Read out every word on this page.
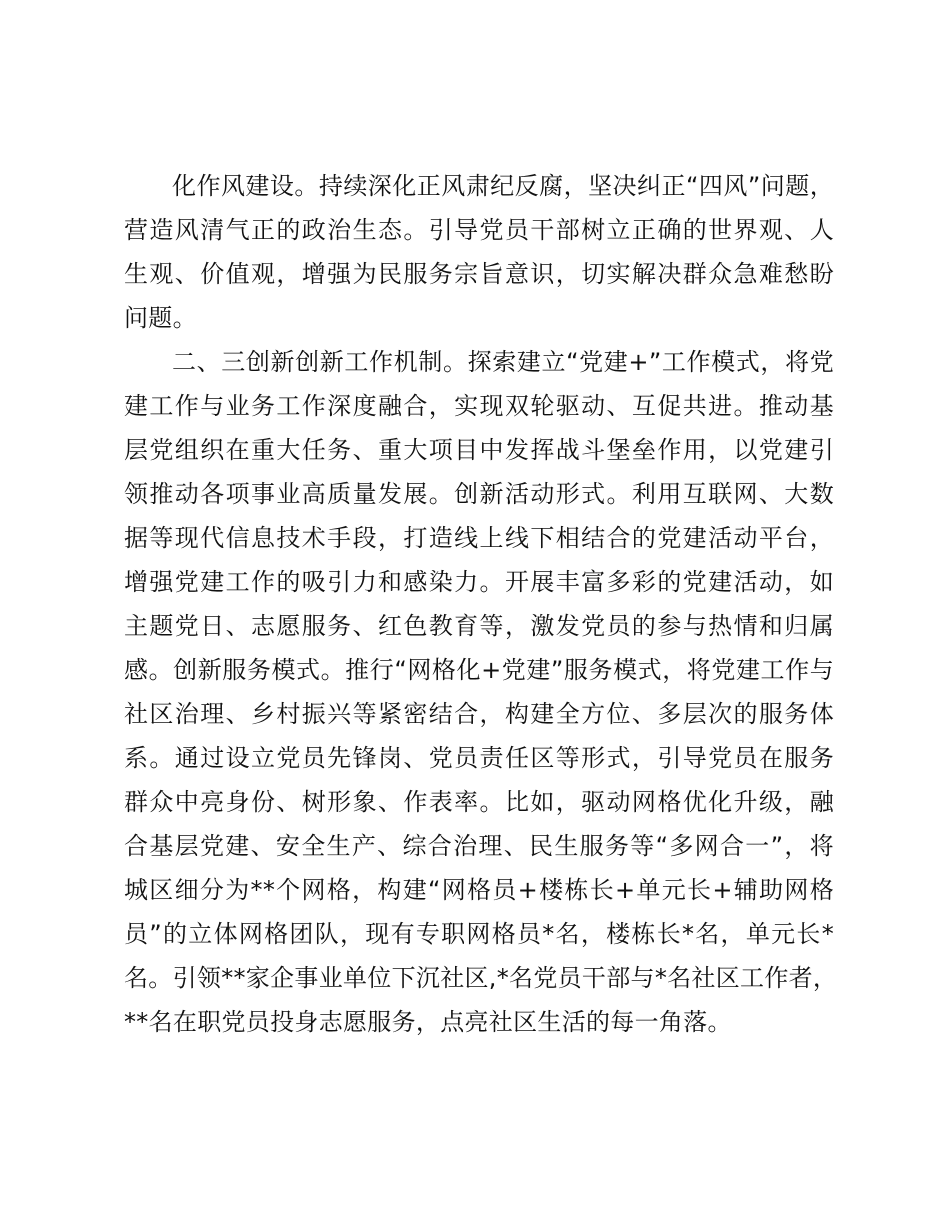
化作风建设。持续深化正风肃纪反腐，坚决纠正“四风”问题，
营造风清气正的政治生态。引导党员干部树立正确的世界观、人
生观、价值观，增强为民服务宗旨意识，切实解决群众急难愁盼
问题。
二、三创新创新工作机制。探索建立“党建+”工作模式，将党
建工作与业务工作深度融合，实现双轮驱动、互促共进。推动基
层党组织在重大任务、重大项目中发挥战斗堡垒作用，以党建引
领推动各项事业高质量发展。创新活动形式。利用互联网、大数
据等现代信息技术手段，打造线上线下相结合的党建活动平台，
增强党建工作的吸引力和感染力。开展丰富多彩的党建活动，如
主题党日、志愿服务、红色教育等，激发党员的参与热情和归属
感。创新服务模式。推行“网格化+党建”服务模式，将党建工作与
社区治理、乡村振兴等紧密结合，构建全方位、多层次的服务体
系。通过设立党员先锋岗、党员责任区等形式，引导党员在服务
群众中亮身份、树形象、作表率。比如，驱动网格优化升级，融
合基层党建、安全生产、综合治理、民生服务等“多网合一”，将
城区细分为**个网格，构建“网格员+楼栋长+单元长+辅助网格
员”的立体网格团队，现有专职网格员*名，楼栋长*名，单元长*
名。引领**家企事业单位下沉社区,*名党员干部与*名社区工作者，
**名在职党员投身志愿服务，点亮社区生活的每一角落。
